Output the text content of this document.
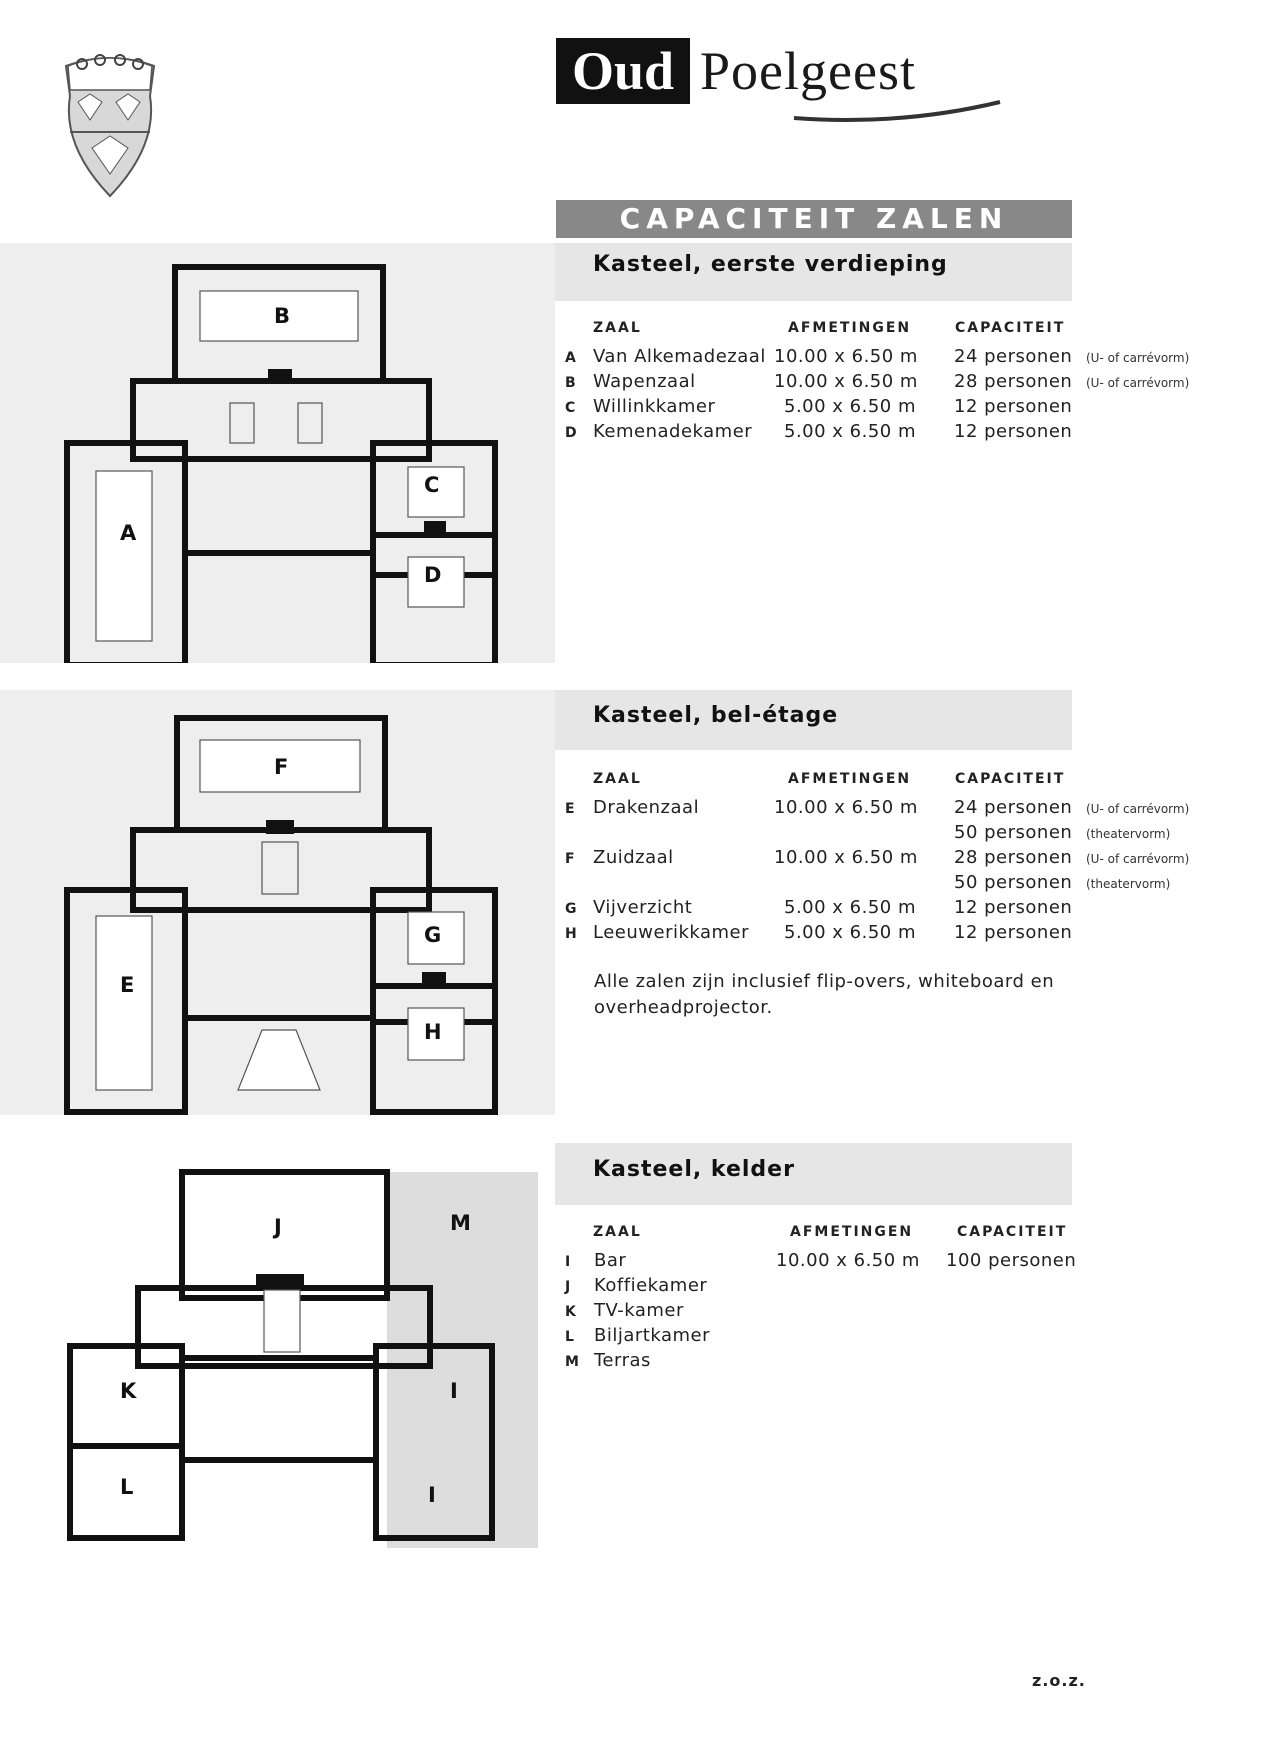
Oud Poelgeest
CAPACITEIT ZALEN
Kasteel, eerste verdieping
ZAAL	AFMETINGEN	CAPACITEIT
A Van Alkemadezaal 10.00 x 6.50 m 24 personen (U- of carrévorm)
B Wapenzaal	10.00 x 6.50 m 28 personen (U- of carrévorm)
C Willinkkamer	5.00 x 6.50 m 12 personen
D Kemenadekamer 5.00 x 6.50 m 12 personen
B
A
C
D
Kasteel, bel-étage
ZAAL	AFMETINGEN	CAPACITEIT
E	Drakenzaal	10.00 x 6.50 m 24 personen (U- of carrévorm)
50 personen (theatervorm)
F	Zuidzaal	10.00 x 6.50 m 28 personen (U- of carrévorm)
50 personen (theatervorm)
G Vijverzicht	5.00 x 6.50 m 12 personen
H Leeuwerikkamer 5.00 x 6.50 m 12 personen
Alle zalen zijn inclusief flip-overs, whiteboard en
overheadprojector.
F
E
G
H
Kasteel, kelder
ZAAL	AFMETINGEN	CAPACITEIT
I	Bar	10.00 x 6.50 m 100 personen
J	Koffiekamer
K	TV-kamer
L	Biljartkamer
M Terras
M
J
K
L
I
I
z.o.z.
